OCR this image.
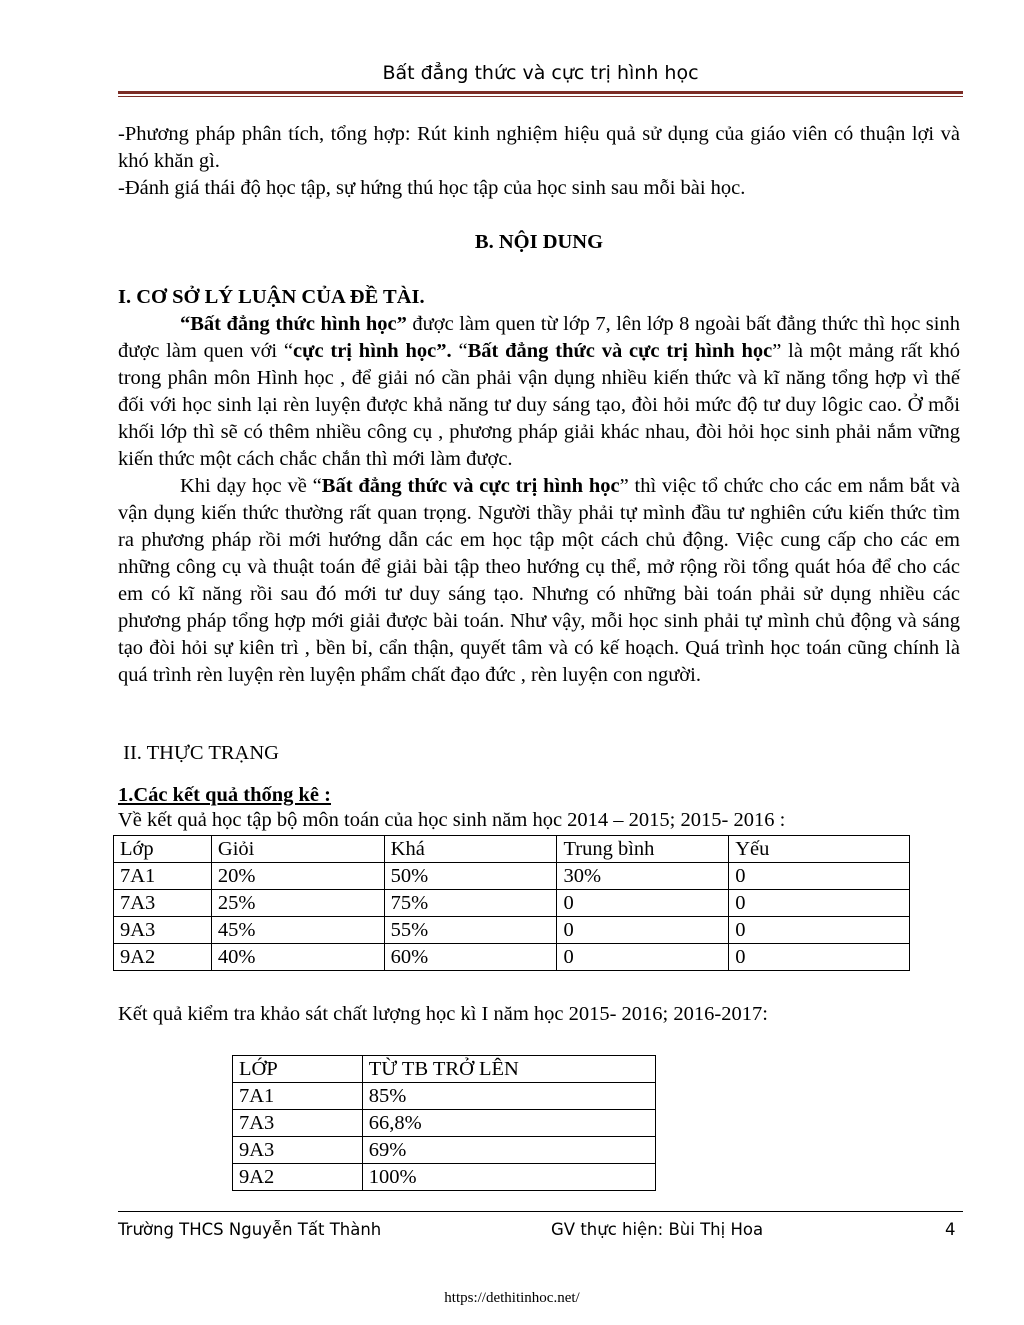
Bất đẳng thức và cực trị hình học

-Phương pháp phân tích, tổng hợp: Rút kinh nghiệm hiệu quả sử dụng của giáo viên có thuận lợi và khó khăn gì.

-Đánh giá thái độ học tập, sự hứng thú học tập của học sinh sau mỗi bài học.

B. NỘI DUNG

I. CƠ SỞ LÝ LUẬN CỦA ĐỀ TÀI.

“Bất đẳng thức hình học” được làm quen từ lớp 7, lên lớp 8 ngoài bất đẳng thức thì học sinh được làm quen với “cực trị hình học”. “Bất đẳng thức và cực trị hình học” là một mảng rất khó trong phân môn Hình học , để giải nó cần phải vận dụng nhiều kiến thức và kĩ năng tổng hợp vì thế đối với học sinh lại rèn luyện được khả năng tư duy sáng tạo, đòi hỏi mức độ tư duy lôgic cao. Ở mỗi khối lớp thì sẽ có thêm nhiều công cụ , phương pháp giải khác nhau, đòi hỏi học sinh phải nắm vững kiến thức một cách chắc chắn thì mới làm được.

Khi dạy học về “Bất đẳng thức và cực trị hình học” thì việc tổ chức cho các em nắm bắt và vận dụng kiến thức thường rất quan trọng. Người thầy phải tự mình đầu tư nghiên cứu kiến thức tìm ra phương pháp rồi mới hướng dẫn các em học tập một cách chủ động. Việc cung cấp cho các em những công cụ và thuật toán để giải bài tập theo hướng cụ thể, mở rộng rồi tổng quát hóa để cho các em có kĩ năng rồi sau đó mới tư duy sáng tạo. Nhưng có những bài toán phải sử dụng nhiều các phương pháp tổng hợp mới giải được bài toán. Như vậy, mỗi học sinh phải tự mình chủ động và sáng tạo đòi hỏi sự kiên trì , bền bỉ, cẩn thận, quyết tâm và có kế hoạch. Quá trình học toán cũng chính là quá trình rèn luyện rèn luyện phẩm chất đạo đức , rèn luyện con người.

II. THỰC TRẠNG
1.Các kết quả thống kê :
Về kết quả học tập bộ môn toán của học sinh năm học 2014 – 2015; 2015- 2016 :
Lớp	Giỏi	Khá	Trung bình	Yếu
7A1	20%	50%	30%	0
7A3	25%	75%	0	0
9A3	45%	55%	0	0
9A2	40%	60%	0	0
Kết quả kiểm tra khảo sát chất lượng học kì I năm học 2015- 2016; 2016-2017:
LỚP	TỪ TB TRỞ LÊN
7A1	85%
7A3	66,8%
9A3	69%
9A2	100%
Trường THCS Nguyễn Tất Thành	GV thực hiện: Bùi Thị Hoa	4
https://dethitinhoc.net/
